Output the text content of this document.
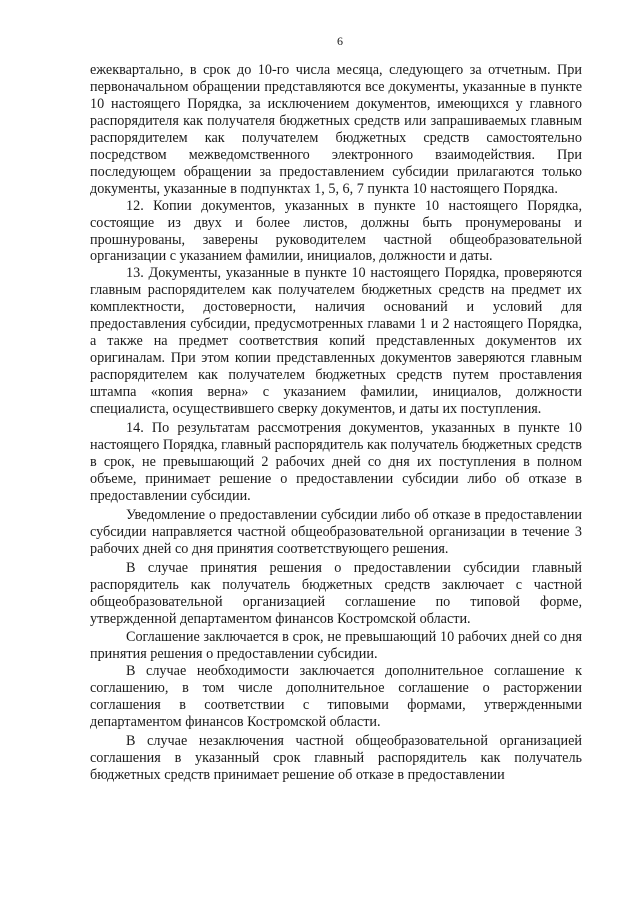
6

ежеквартально, в срок до 10-го числа месяца, следующего за отчетным. При первоначальном обращении представляются все документы, указанные в пункте 10 настоящего Порядка, за исключением документов, имеющихся у главного распорядителя как получателя бюджетных средств или запрашиваемых главным распорядителем как получателем бюджетных средств самостоятельно посредством межведомственного электронного взаимодействия. При последующем обращении за предоставлением субсидии прилагаются только документы, указанные в подпунктах 1, 5, 6, 7 пункта 10 настоящего Порядка.

12. Копии документов, указанных в пункте 10 настоящего Порядка, состоящие из двух и более листов, должны быть пронумерованы и прошнурованы, заверены руководителем частной общеобразовательной организации с указанием фамилии, инициалов, должности и даты.

13. Документы, указанные в пункте 10 настоящего Порядка, проверяются главным распорядителем как получателем бюджетных средств на предмет их комплектности, достоверности, наличия оснований и условий для предоставления субсидии, предусмотренных главами 1 и 2 настоящего Порядка, а также на предмет соответствия копий представленных документов их оригиналам. При этом копии представленных документов заверяются главным распорядителем как получателем бюджетных средств путем проставления штампа «копия верна» с указанием фамилии, инициалов, должности специалиста, осуществившего сверку документов, и даты их поступления.

14. По результатам рассмотрения документов, указанных в пункте 10 настоящего Порядка, главный распорядитель как получатель бюджетных средств в срок, не превышающий 2 рабочих дней со дня их поступления в полном объеме, принимает решение о предоставлении субсидии либо об отказе в предоставлении субсидии.

Уведомление о предоставлении субсидии либо об отказе в предоставлении субсидии направляется частной общеобразовательной организации в течение 3 рабочих дней со дня принятия соответствующего решения.

В случае принятия решения о предоставлении субсидии главный распорядитель как получатель бюджетных средств заключает с частной общеобразовательной организацией соглашение по типовой форме, утвержденной департаментом финансов Костромской области.

Соглашение заключается в срок, не превышающий 10 рабочих дней со дня принятия решения о предоставлении субсидии.

В случае необходимости заключается дополнительное соглашение к соглашению, в том числе дополнительное соглашение о расторжении соглашения в соответствии с типовыми формами, утвержденными департаментом финансов Костромской области.

В случае незаключения частной общеобразовательной организацией соглашения в указанный срок главный распорядитель как получатель бюджетных средств принимает решение об отказе в предоставлении
